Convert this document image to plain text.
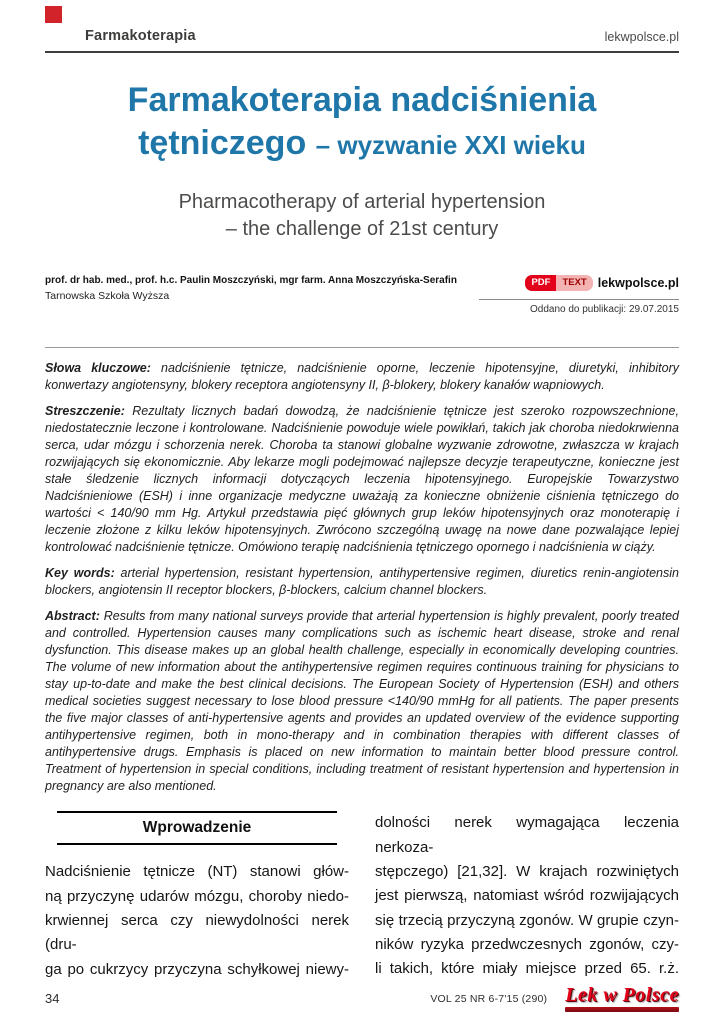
Farmakoterapia	lekwpolsce.pl
Farmakoterapia nadciśnienia
tętniczego – wyzwanie XXI wieku
Pharmacotherapy of arterial hypertension
– the challenge of 21st century
prof. dr hab. med., prof. h.c. Paulin Moszczyński, mgr farm. Anna Moszczyńska-Serafin
Tarnowska Szkoła Wyższa
PDF	TEXT lekwpolsce.pl
Oddano do publikacji: 29.07.2015

Słowa kluczowe: nadciśnienie tętnicze, nadciśnienie oporne, leczenie hipotensyjne, diuretyki, inhibitory konwertazy angiotensyny, blokery receptora angiotensyny II, β-blokery, blokery kanałów wapniowych.

Streszczenie: Rezultaty licznych badań dowodzą, że nadciśnienie tętnicze jest szeroko rozpowszechnione, niedostatecznie leczone i kontrolowane. Nadciśnienie powoduje wiele powikłań, takich jak choroba niedokrwienna serca, udar mózgu i schorzenia nerek. Choroba ta stanowi globalne wyzwanie zdrowotne, zwłaszcza w krajach rozwijających się ekonomicznie. Aby lekarze mogli podejmować najlepsze decyzje terapeutyczne, konieczne jest stałe śledzenie licznych informacji dotyczących leczenia hipotensyjnego. Europejskie Towarzystwo Nadciśnieniowe (ESH) i inne organizacje medyczne uważają za konieczne obniżenie ciśnienia tętniczego do wartości < 140/90 mm Hg. Artykuł przedstawia pięć głównych grup leków hipotensyjnych oraz monoterapię i leczenie złożone z kilku leków hipotensyjnych. Zwrócono szczególną uwagę na nowe dane pozwalające lepiej kontrolować nadciśnienie tętnicze. Omówiono terapię nadciśnienia tętniczego opornego i nadciśnienia w ciąży.

Key words: arterial hypertension, resistant hypertension, antihypertensive regimen, diuretics renin-angiotensin blockers, angiotensin II receptor blockers, β-blockers, calcium channel blockers.

Abstract: Results from many national surveys provide that arterial hypertension is highly prevalent, poorly treated and controlled. Hypertension causes many complications such as ischemic heart disease, stroke and renal dysfunction. This disease makes up an global health challenge, especially in economically developing countries. The volume of new information about the antihypertensive regimen requires continuous training for physicians to stay up-to-date and make the best clinical decisions. The European Society of Hypertension (ESH) and others medical societies suggest necessary to lose blood pressure <140/90 mmHg for all patients. The paper presents the five major classes of anti-hypertensive agents and provides an updated overview of the evidence supporting antihypertensive regimen, both in mono-therapy and in combination therapies with different classes of antihypertensive drugs. Emphasis is placed on new information to maintain better blood pressure control. Treatment of hypertension in special conditions, including treatment of resistant hypertension and hypertension in pregnancy are also mentioned.

Wprowadzenie
Nadciśnienie tętnicze (NT) stanowi głów-
ną przyczynę udarów mózgu, choroby niedo-
krwiennej serca czy niewydolności nerek (dru-
ga po cukrzycy przyczyna schyłkowej niewy-
dolności nerek wymagająca leczenia nerkoza-
stępczego) [21,32]. W krajach rozwiniętych
jest pierwszą, natomiast wśród rozwijających
się trzecią przyczyną zgonów. W grupie czyn-
ników ryzyka przedwczesnych zgonów, czy-
li takich, które miały miejsce przed 65. r.ż.
34	VOL 25 NR 6-7'15 (290) Lek w Polsce
